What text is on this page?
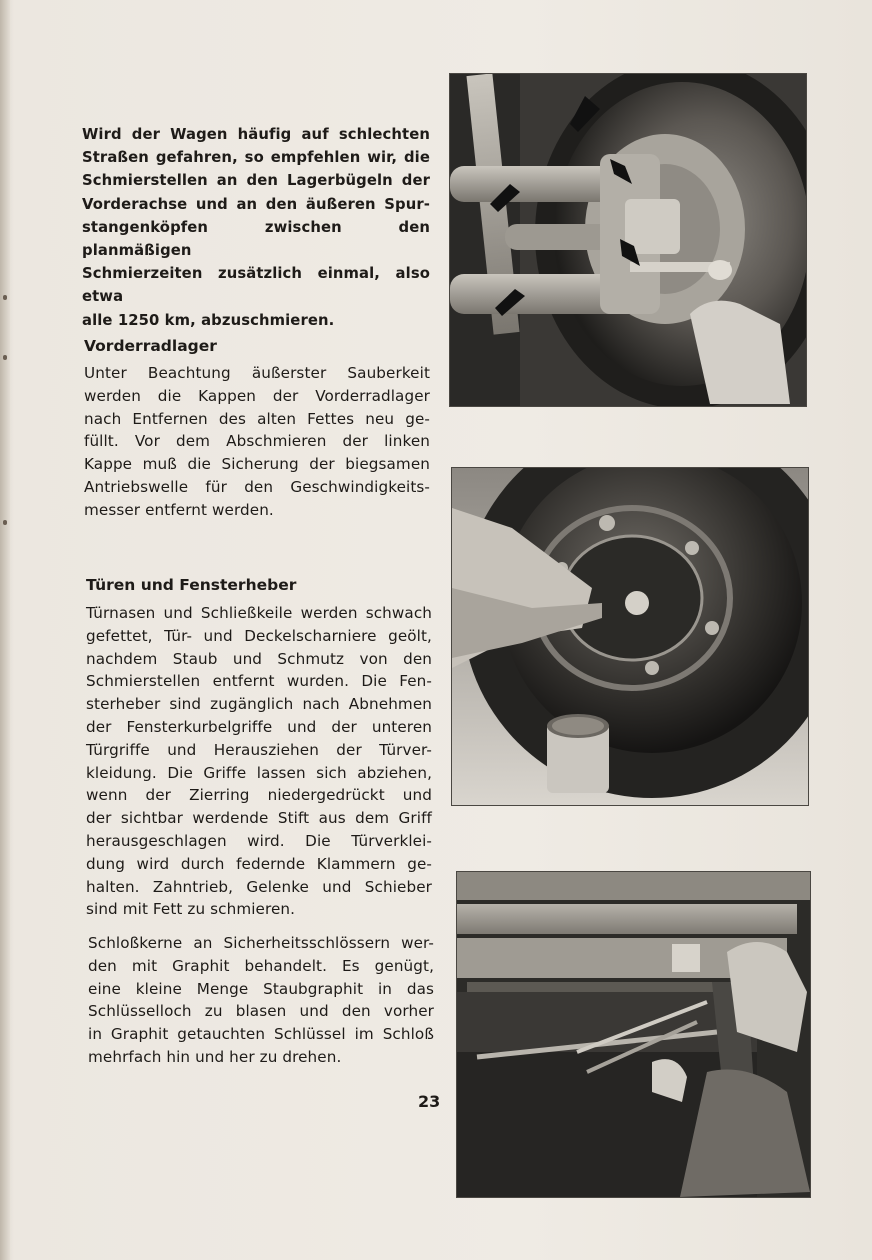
Wird der Wagen häufig auf schlechten
Straßen gefahren, so empfehlen wir, die
Schmierstellen an den Lagerbügeln der
Vorderachse und an den äußeren Spur-
stangenköpfen zwischen den planmäßigen
Schmierzeiten zusätzlich einmal, also etwa
alle 1250 km, abzuschmieren.
Vorderradlager
Unter Beachtung äußerster Sauberkeit
werden die Kappen der Vorderradlager
nach Entfernen des alten Fettes neu ge-
füllt. Vor dem Abschmieren der linken
Kappe muß die Sicherung der biegsamen
Antriebswelle für den Geschwindigkeits-
messer entfernt werden.
Türen und Fensterheber
Türnasen und Schließkeile werden schwach
gefettet, Tür- und Deckelscharniere geölt,
nachdem Staub und Schmutz von den
Schmierstellen entfernt wurden. Die Fen-
sterheber sind zugänglich nach Abnehmen
der Fensterkurbelgriffe und der unteren
Türgriffe und Herausziehen der Türver-
kleidung. Die Griffe lassen sich abziehen,
wenn der Zierring niedergedrückt und
der sichtbar werdende Stift aus dem Griff
herausgeschlagen wird. Die Türverklei-
dung wird durch federnde Klammern ge-
halten. Zahntrieb, Gelenke und Schieber
sind mit Fett zu schmieren.
Schloßkerne an Sicherheitsschlössern wer-
den mit Graphit behandelt. Es genügt,
eine kleine Menge Staubgraphit in das
Schlüsselloch zu blasen und den vorher
in Graphit getauchten Schlüssel im Schloß
mehrfach hin und her zu drehen.
23
